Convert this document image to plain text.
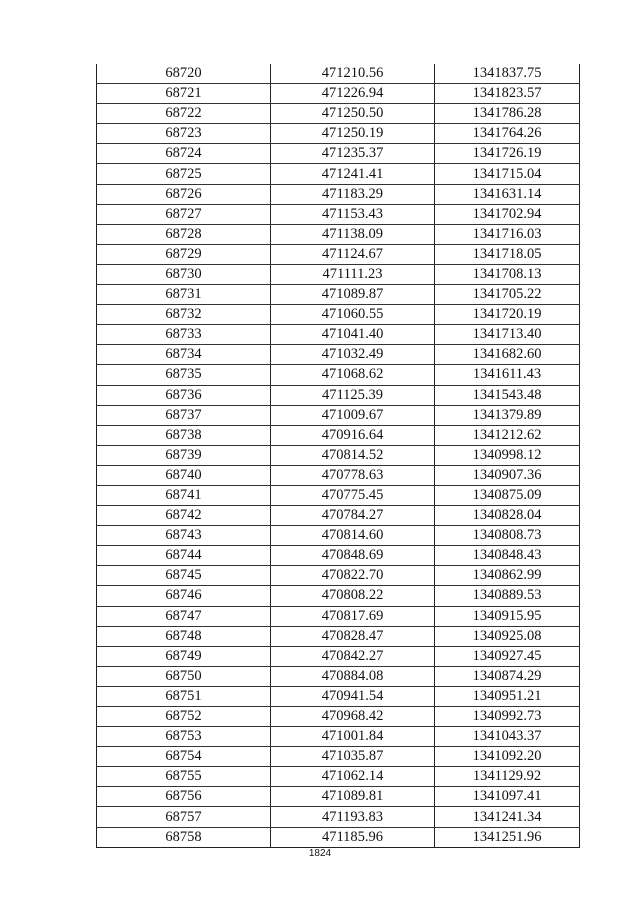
68720	471210.56	1341837.75
68721	471226.94	1341823.57
68722	471250.50	1341786.28
68723	471250.19	1341764.26
68724	471235.37	1341726.19
68725	471241.41	1341715.04
68726	471183.29	1341631.14
68727	471153.43	1341702.94
68728	471138.09	1341716.03
68729	471124.67	1341718.05
68730	471111.23	1341708.13
68731	471089.87	1341705.22
68732	471060.55	1341720.19
68733	471041.40	1341713.40
68734	471032.49	1341682.60
68735	471068.62	1341611.43
68736	471125.39	1341543.48
68737	471009.67	1341379.89
68738	470916.64	1341212.62
68739	470814.52	1340998.12
68740	470778.63	1340907.36
68741	470775.45	1340875.09
68742	470784.27	1340828.04
68743	470814.60	1340808.73
68744	470848.69	1340848.43
68745	470822.70	1340862.99
68746	470808.22	1340889.53
68747	470817.69	1340915.95
68748	470828.47	1340925.08
68749	470842.27	1340927.45
68750	470884.08	1340874.29
68751	470941.54	1340951.21
68752	470968.42	1340992.73
68753	471001.84	1341043.37
68754	471035.87	1341092.20
68755	471062.14	1341129.92
68756	471089.81	1341097.41
68757	471193.83	1341241.34
68758	471185.96	1341251.96
1824
